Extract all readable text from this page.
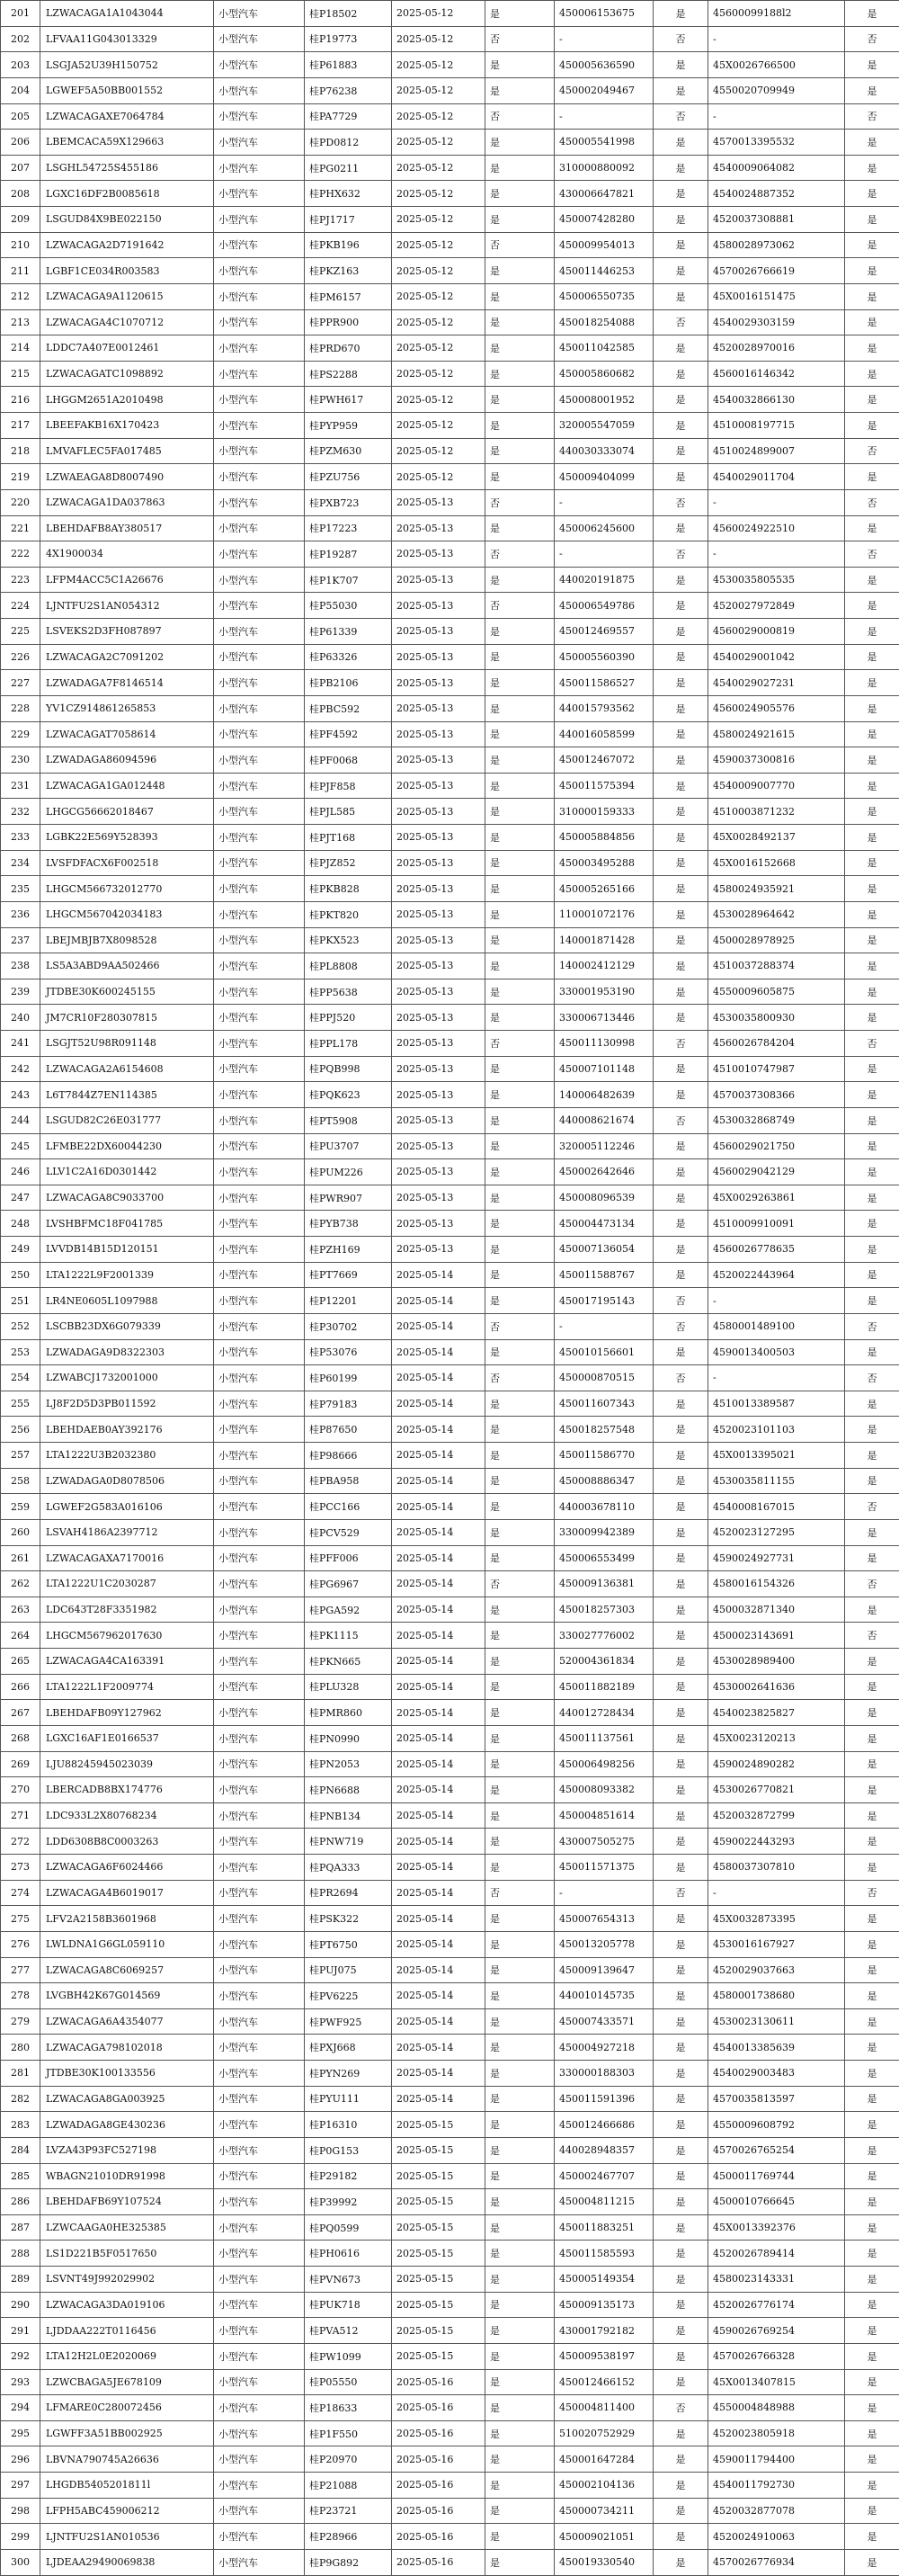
201	LZWACAGA1A1043044	小型汽车	桂P18502	2025-05-12	是	450006153675	是	45600099188l2	是
202	LFVAA11G043013329	小型汽车	桂P19773	2025-05-12	否	-	否	-	否
203	LSGJA52U39H150752	小型汽车	桂P61883	2025-05-12	是	450005636590	是	45X0026766500	是
204	LGWEF5A50BB001552	小型汽车	桂P76238	2025-05-12	是	450002049467	是	4550020709949	是
205	LZWACAGAXE7064784	小型汽车	桂PA7729	2025-05-12	否	-	否	-	否
206	LBEMCACA59X129663	小型汽车	桂PD0812	2025-05-12	是	450005541998	是	4570013395532	是
207	LSGHL54725S455186	小型汽车	桂PG0211	2025-05-12	是	310000880092	是	4540009064082	是
208	LGXC16DF2B0085618	小型汽车	桂PHX632	2025-05-12	是	430006647821	是	4540024887352	是
209	LSGUD84X9BE022150	小型汽车	桂PJ1717	2025-05-12	是	450007428280	是	4520037308881	是
210	LZWACAGA2D7191642	小型汽车	桂PKB196	2025-05-12	否	450009954013	是	4580028973062	是
211	LGBF1CE034R003583	小型汽车	桂PKZ163	2025-05-12	是	450011446253	是	4570026766619	是
212	LZWACAGA9A1120615	小型汽车	桂PM6157	2025-05-12	是	450006550735	是	45X0016151475	是
213	LZWACAGA4C1070712	小型汽车	桂PPR900	2025-05-12	是	450018254088	否	4540029303159	是
214	LDDC7A407E0012461	小型汽车	桂PRD670	2025-05-12	是	450011042585	是	4520028970016	是
215	LZWACAGATC1098892	小型汽车	桂PS2288	2025-05-12	是	450005860682	是	4560016146342	是
216	LHGGM2651A2010498	小型汽车	桂PWH617	2025-05-12	是	450008001952	是	4540032866130	是
217	LBEEFAKB16X170423	小型汽车	桂PYP959	2025-05-12	是	320005547059	是	4510008197715	是
218	LMVAFLEC5FA017485	小型汽车	桂PZM630	2025-05-12	是	440030333074	是	4510024899007	否
219	LZWAEAGA8D8007490	小型汽车	桂PZU756	2025-05-12	是	450009404099	是	4540029011704	是
220	LZWACAGA1DA037863	小型汽车	桂PXB723	2025-05-13	否	-	否	-	否
221	LBEHDAFB8AY380517	小型汽车	桂P17223	2025-05-13	是	450006245600	是	4560024922510	是
222	4X1900034	小型汽车	桂P19287	2025-05-13	否	-	否	-	否
223	LFPM4ACC5C1A26676	小型汽车	桂P1K707	2025-05-13	是	440020191875	是	4530035805535	是
224	LJNTFU2S1AN054312	小型汽车	桂P55030	2025-05-13	否	450006549786	是	4520027972849	是
225	LSVEKS2D3FH087897	小型汽车	桂P61339	2025-05-13	是	450012469557	是	4560029000819	是
226	LZWACAGA2C7091202	小型汽车	桂P63326	2025-05-13	是	450005560390	是	4540029001042	是
227	LZWADAGA7F8146514	小型汽车	桂PB2106	2025-05-13	是	450011586527	是	4540029027231	是
228	YV1CZ914861265853	小型汽车	桂PBC592	2025-05-13	是	440015793562	是	4560024905576	是
229	LZWACAGAT7058614	小型汽车	桂PF4592	2025-05-13	是	440016058599	是	4580024921615	是
230	LZWADAGA86094596	小型汽车	桂PF0068	2025-05-13	是	450012467072	是	4590037300816	是
231	LZWACAGA1GA012448	小型汽车	桂PJF858	2025-05-13	是	450011575394	是	4540009007770	是
232	LHGCG56662018467	小型汽车	桂PJL585	2025-05-13	是	310000159333	是	4510003871232	是
233	LGBK22E569Y528393	小型汽车	桂PJT168	2025-05-13	是	450005884856	是	45X0028492137	是
234	LVSFDFACX6F002518	小型汽车	桂PJZ852	2025-05-13	是	450003495288	是	45X0016152668	是
235	LHGCM566732012770	小型汽车	桂PKB828	2025-05-13	是	450005265166	是	4580024935921	是
236	LHGCM567042034183	小型汽车	桂PKT820	2025-05-13	是	110001072176	是	4530028964642	是
237	LBEJMBJB7X8098528	小型汽车	桂PKX523	2025-05-13	是	140001871428	是	4500028978925	是
238	LS5A3ABD9AA502466	小型汽车	桂PL8808	2025-05-13	是	140002412129	是	4510037288374	是
239	JTDBE30K600245155	小型汽车	桂PP5638	2025-05-13	是	330001953190	是	4550009605875	是
240	JM7CR10F280307815	小型汽车	桂PPJ520	2025-05-13	是	330006713446	是	4530035800930	是
241	LSGJT52U98R091148	小型汽车	桂PPL178	2025-05-13	否	450011130998	否	4560026784204	否
242	LZWACAGA2A6154608	小型汽车	桂PQB998	2025-05-13	是	450007101148	是	4510010747987	是
243	L6T7844Z7EN114385	小型汽车	桂PQK623	2025-05-13	是	140006482639	是	4570037308366	是
244	LSGUD82C26E031777	小型汽车	桂PT5908	2025-05-13	是	440008621674	否	4530032868749	是
245	LFMBE22DX60044230	小型汽车	桂PU3707	2025-05-13	是	320005112246	是	4560029021750	是
246	LLV1C2A16D0301442	小型汽车	桂PUM226	2025-05-13	是	450002642646	是	4560029042129	是
247	LZWACAGA8C9033700	小型汽车	桂PWR907	2025-05-13	是	450008096539	是	45X0029263861	是
248	LVSHBFMC18F041785	小型汽车	桂PYB738	2025-05-13	是	450004473134	是	4510009910091	是
249	LVVDB14B15D120151	小型汽车	桂PZH169	2025-05-13	是	450007136054	是	4560026778635	是
250	LTA1222L9F2001339	小型汽车	桂PT7669	2025-05-14	是	450011588767	是	4520022443964	是
251	LR4NE0605L1097988	小型汽车	桂P12201	2025-05-14	是	450017195143	否	-	是
252	LSCBB23DX6G079339	小型汽车	桂P30702	2025-05-14	否	-	否	4580001489100	否
253	LZWADAGA9D8322303	小型汽车	桂P53076	2025-05-14	是	450010156601	是	4590013400503	是
254	LZWABCJ1732001000	小型汽车	桂P60199	2025-05-14	否	450000870515	否	-	否
255	LJ8F2D5D3PB011592	小型汽车	桂P79183	2025-05-14	是	450011607343	是	4510013389587	是
256	LBEHDAEB0AY392176	小型汽车	桂P87650	2025-05-14	是	450018257548	是	4520023101103	是
257	LTA1222U3B2032380	小型汽车	桂P98666	2025-05-14	是	450011586770	是	45X0013395021	是
258	LZWADAGA0D8078506	小型汽车	桂PBA958	2025-05-14	是	450008886347	是	4530035811155	是
259	LGWEF2G583A016106	小型汽车	桂PCC166	2025-05-14	是	440003678110	是	4540008167015	否
260	LSVAH4186A2397712	小型汽车	桂PCV529	2025-05-14	是	330009942389	是	4520023127295	是
261	LZWACAGAXA7170016	小型汽车	桂PFF006	2025-05-14	是	450006553499	是	4590024927731	是
262	LTA1222U1C2030287	小型汽车	桂PG6967	2025-05-14	否	450009136381	是	4580016154326	否
263	LDC643T28F3351982	小型汽车	桂PGA592	2025-05-14	是	450018257303	是	4500032871340	是
264	LHGCM567962017630	小型汽车	桂PK1115	2025-05-14	是	330027776002	是	4500023143691	否
265	LZWACAGA4CA163391	小型汽车	桂PKN665	2025-05-14	是	520004361834	是	4530028989400	是
266	LTA1222L1F2009774	小型汽车	桂PLU328	2025-05-14	是	450011882189	是	4530002641636	是
267	LBEHDAFB09Y127962	小型汽车	桂PMR860	2025-05-14	是	440012728434	是	4540023825827	是
268	LGXC16AF1E0166537	小型汽车	桂PN0990	2025-05-14	是	450011137561	是	45X0023120213	是
269	LJU88245945023039	小型汽车	桂PN2053	2025-05-14	是	450006498256	是	4590024890282	是
270	LBERCADB8BX174776	小型汽车	桂PN6688	2025-05-14	是	450008093382	是	4530026770821	是
271	LDC933L2X80768234	小型汽车	桂PNB134	2025-05-14	是	450004851614	是	4520032872799	是
272	LDD6308B8C0003263	小型汽车	桂PNW719	2025-05-14	是	430007505275	是	4590022443293	是
273	LZWACAGA6F6024466	小型汽车	桂PQA333	2025-05-14	是	450011571375	是	4580037307810	是
274	LZWACAGA4B6019017	小型汽车	桂PR2694	2025-05-14	否	-	否	-	否
275	LFV2A2158B3601968	小型汽车	桂PSK322	2025-05-14	是	450007654313	是	45X0032873395	是
276	LWLDNA1G6GL059110	小型汽车	桂PT6750	2025-05-14	是	450013205778	是	4530016167927	是
277	LZWACAGA8C6069257	小型汽车	桂PUJ075	2025-05-14	是	450009139647	是	4520029037663	是
278	LVGBH42K67G014569	小型汽车	桂PV6225	2025-05-14	是	440010145735	是	4580001738680	是
279	LZWACAGA6A4354077	小型汽车	桂PWF925	2025-05-14	是	450007433571	是	4530023130611	是
280	LZWACAGA798102018	小型汽车	桂PXJ668	2025-05-14	是	450004927218	是	4540013385639	是
281	JTDBE30K100133556	小型汽车	桂PYN269	2025-05-14	是	330000188303	是	4540029003483	是
282	LZWACAGA8GA003925	小型汽车	桂PYU111	2025-05-14	是	450011591396	是	4570035813597	是
283	LZWADAGA8GE430236	小型汽车	桂P16310	2025-05-15	是	450012466686	是	4550009608792	是
284	LVZA43P93FC527198	小型汽车	桂P0G153	2025-05-15	是	440028948357	是	4570026765254	是
285	WBAGN21010DR91998	小型汽车	桂P29182	2025-05-15	是	450002467707	是	4500011769744	是
286	LBEHDAFB69Y107524	小型汽车	桂P39992	2025-05-15	是	450004811215	是	4500010766645	是
287	LZWCAAGA0HE325385	小型汽车	桂PQ0599	2025-05-15	是	450011883251	是	45X0013392376	是
288	LS1D221B5F0517650	小型汽车	桂PH0616	2025-05-15	是	450011585593	是	4520026789414	是
289	LSVNT49J992029902	小型汽车	桂PVN673	2025-05-15	是	450005149354	是	4580023143331	是
290	LZWACAGA3DA019106	小型汽车	桂PUK718	2025-05-15	是	450009135173	是	4520026776174	是
291	LJDDAA222T0116456	小型汽车	桂PVA512	2025-05-15	是	430001792182	是	4590026769254	是
292	LTA12H2L0E2020069	小型汽车	桂PW1099	2025-05-15	是	450009538197	是	4570026766328	是
293	LZWCBAGA5JE678109	小型汽车	桂P05550	2025-05-16	是	450012466152	是	45X0013407815	是
294	LFMARE0C280072456	小型汽车	桂P18633	2025-05-16	是	450004811400	否	4550004848988	是
295	LGWFF3A51BB002925	小型汽车	桂P1F550	2025-05-16	是	510020752929	是	4520023805918	是
296	LBVNA790745A26636	小型汽车	桂P20970	2025-05-16	是	450001647284	是	4590011794400	是
297	LHGDB5405201811l	小型汽车	桂P21088	2025-05-16	是	450002104136	是	4540011792730	是
298	LFPH5ABC459006212	小型汽车	桂P23721	2025-05-16	是	450000734211	是	4520032877078	是
299	LJNTFU2S1AN010536	小型汽车	桂P28966	2025-05-16	是	450009021051	是	4520024910063	是
300	LJDEAA29490069838	小型汽车	桂P9G892	2025-05-16	是	450019330540	是	4570026776934	是
